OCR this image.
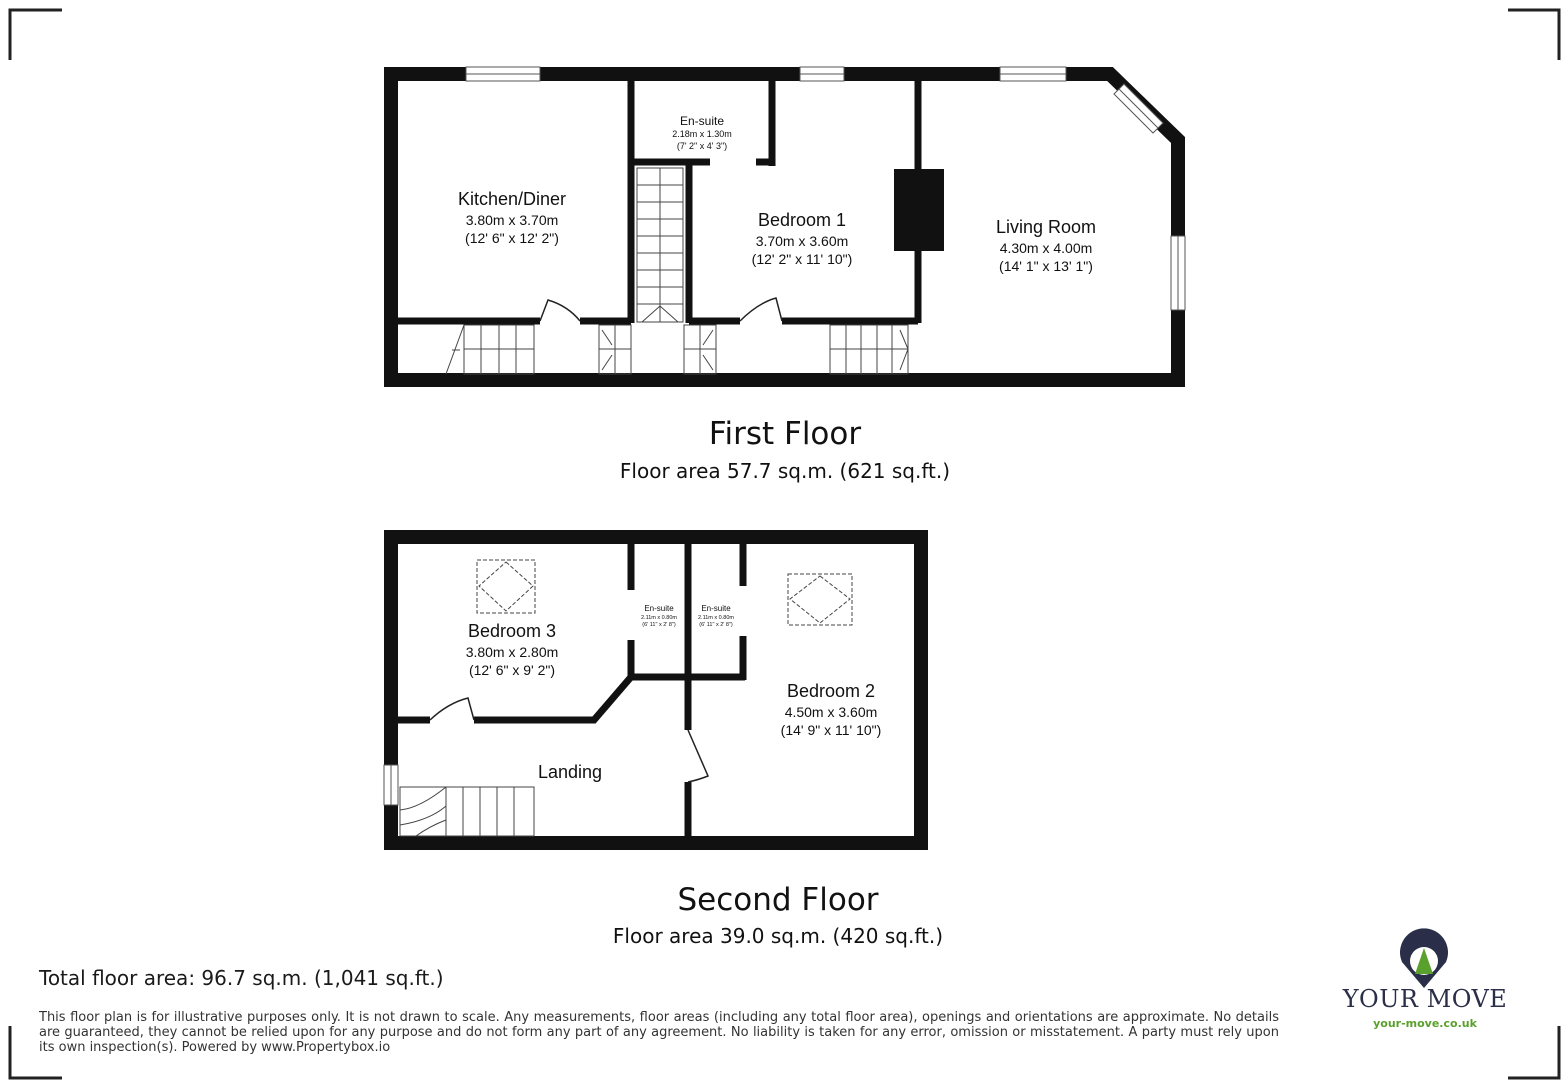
Kitchen/Diner
3.80m x 3.70m
(12' 6" x 12' 2")
En-suite
2.18m x 1.30m
(7' 2" x 4' 3")
Bedroom 1
3.70m x 3.60m
(12' 2" x 11' 10")
Living Room
4.30m x 4.00m
(14' 1" x 13' 1")
First Floor
Floor area 57.7 sq.m. (621 sq.ft.)
Bedroom 3
3.80m x 2.80m
(12' 6" x 9' 2")
En-suite
2.11m x 0.80m
(6' 11" x 2' 8")
En-suite
2.11m x 0.80m
(6' 11" x 2' 8")
Bedroom 2
4.50m x 3.60m
(14' 9" x 11' 10")
Landing
Second Floor
Floor area 39.0 sq.m. (420 sq.ft.)
Total floor area: 96.7 sq.m. (1,041 sq.ft.)
This floor plan is for illustrative purposes only. It is not drawn to scale. Any measurements, floor areas (including any total floor area), openings and orientations are approximate. No details are guaranteed, they cannot be relied upon for any purpose and do not form any part of any agreement. No liability is taken for any error, omission or misstatement. A party must rely upon its own inspection(s). Powered by www.Propertybox.io
YOUR MOVE
your-move.co.uk
